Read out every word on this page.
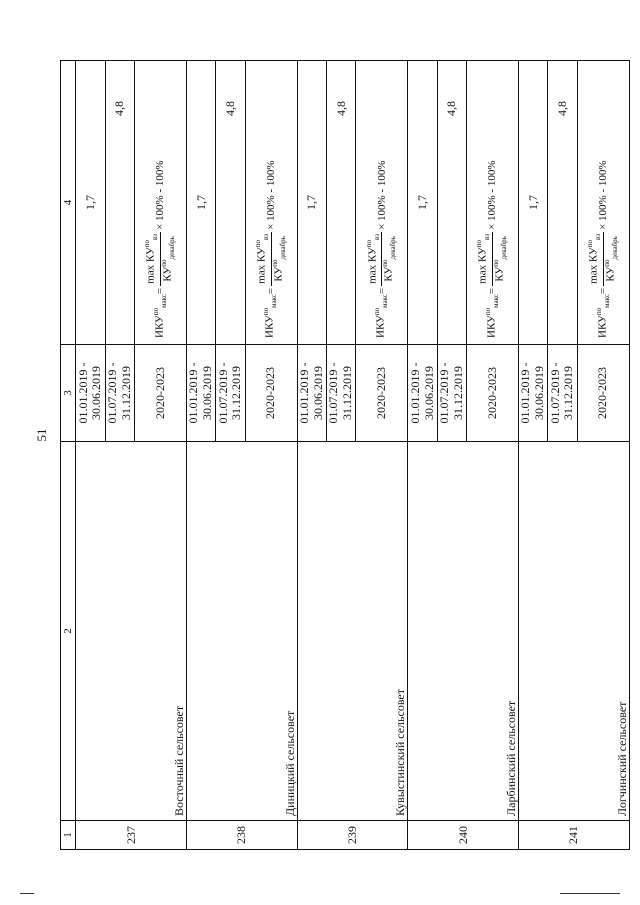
51
1	2	3	4
237	Восточный сельсовет	01.01.2019 - 30.06.2019	1,7
		01.07.2019 - 31.12.2019	4,8
		2020-2023	$ИКУ^{по}_{макс}=$
$\max КУ^{по}_{вз}$
$КУ^{по}_{декабрь}$
× 100% - 100%
238	Диницкий сельсовет	01.01.2019 - 30.06.2019	1,7
		01.07.2019 - 31.12.2019	4,8
		2020-2023	$ИКУ^{по}_{макс}=$
$\max КУ^{по}_{вз}$
$КУ^{по}_{декабрь}$
× 100% - 100%
239	Кувыстинский сельсовет	01.01.2019 - 30.06.2019	1,7
		01.07.2019 - 31.12.2019	4,8
		2020-2023	$ИКУ^{по}_{макс}=$
$\max КУ^{по}_{вз}$
$КУ^{по}_{декабрь}$
× 100% - 100%
240	Ларбинский сельсовет	01.01.2019 - 30.06.2019	1,7
		01.07.2019 - 31.12.2019	4,8
		2020-2023	$ИКУ^{по}_{макс}=$
$\max КУ^{по}_{вз}$
$КУ^{по}_{декабрь}$
× 100% - 100%
241	Логчинский сельсовет	01.01.2019 - 30.06.2019	1,7
		01.07.2019 - 31.12.2019	4,8
		2020-2023	$ИКУ^{по}_{макс}=$
$\max КУ^{по}_{вз}$
$КУ^{по}_{декабрь}$
× 100% - 100%
